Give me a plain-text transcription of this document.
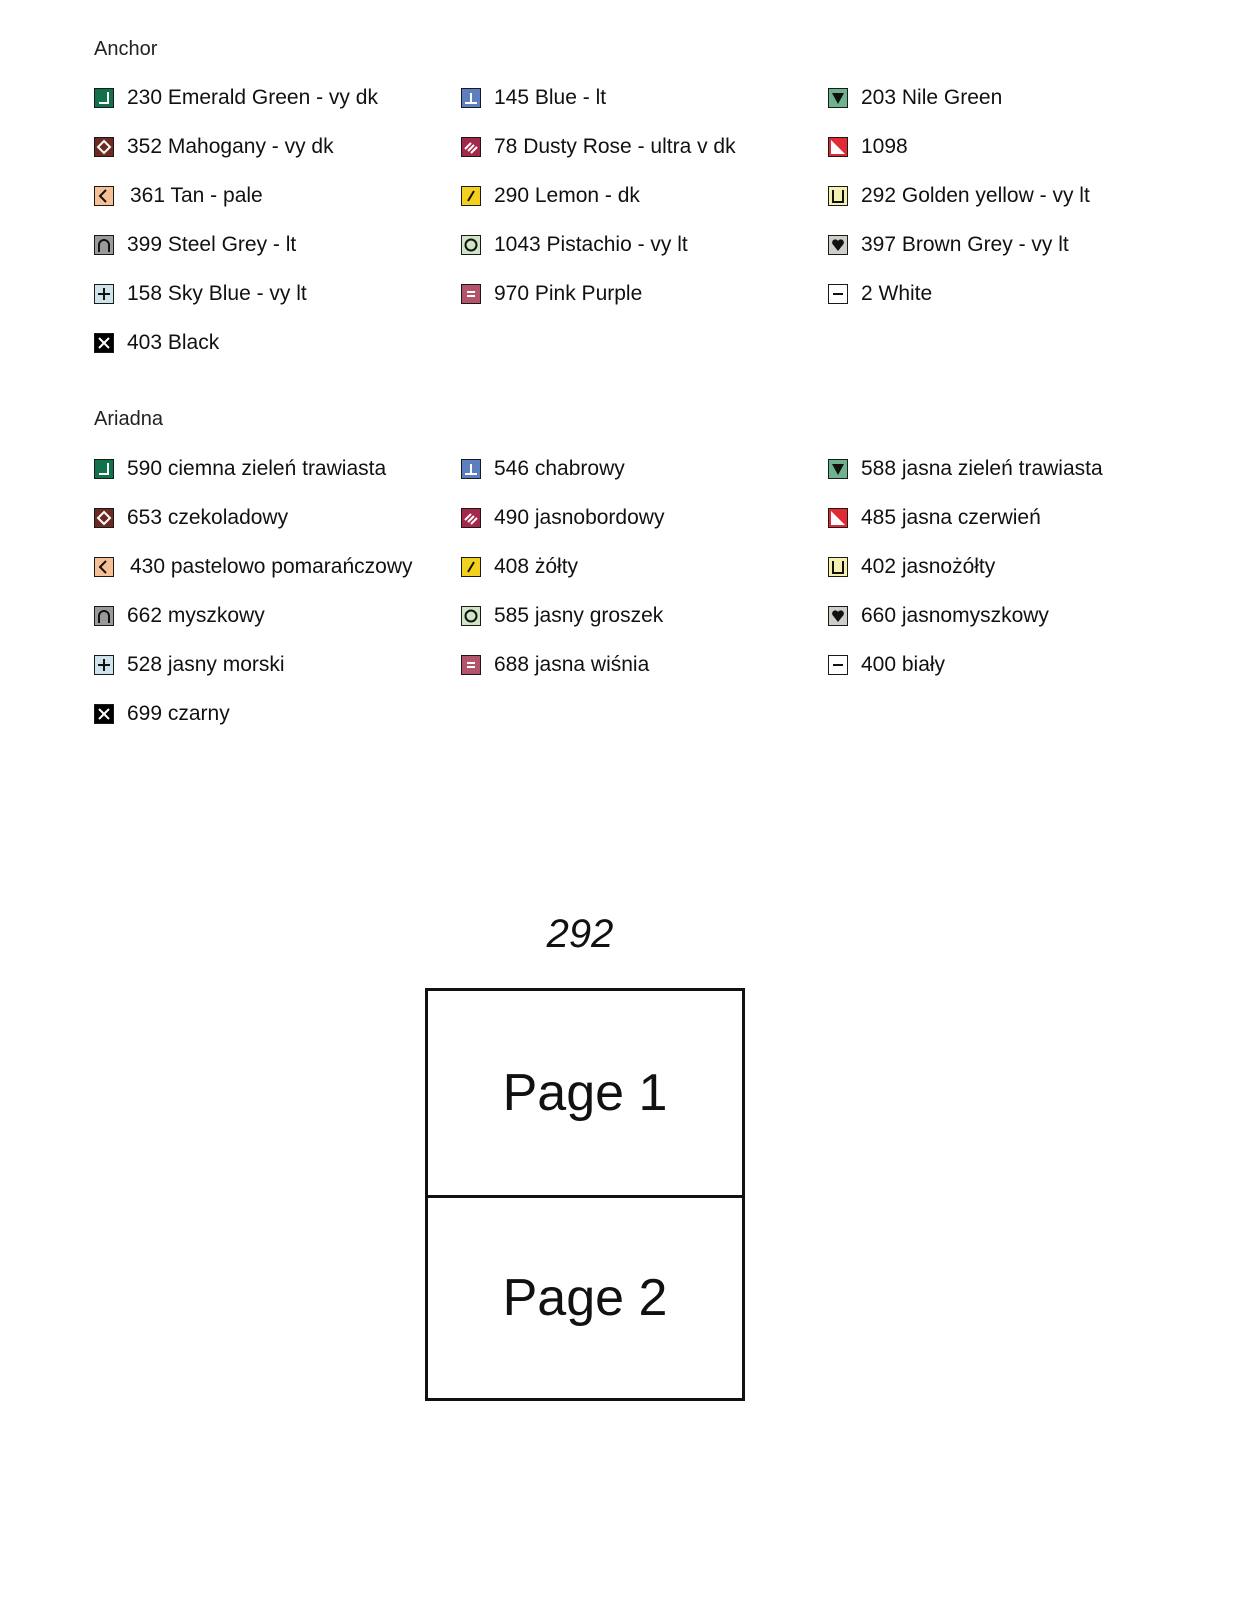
Anchor
230 Emerald Green - vy dk	145 Blue - lt	203 Nile Green
352 Mahogany - vy dk	78 Dusty Rose - ultra v dk	1098
361 Tan - pale	290 Lemon - dk	292 Golden yellow - vy lt
399 Steel Grey - lt	1043 Pistachio - vy lt	397 Brown Grey - vy lt
158 Sky Blue - vy lt	970 Pink Purple	2 White
403 Black
Ariadna
590 ciemna zieleń trawiasta	546 chabrowy	588 jasna zieleń trawiasta
653 czekoladowy	490 jasnobordowy	485 jasna czerwień
430 pastelowo pomarańczowy	408 żółty	402 jasnożółty
662 myszkowy	585 jasny groszek	660 jasnomyszkowy
528 jasny morski	688 jasna wiśnia	400 biały
699 czarny
292
Page 1
Page 2
